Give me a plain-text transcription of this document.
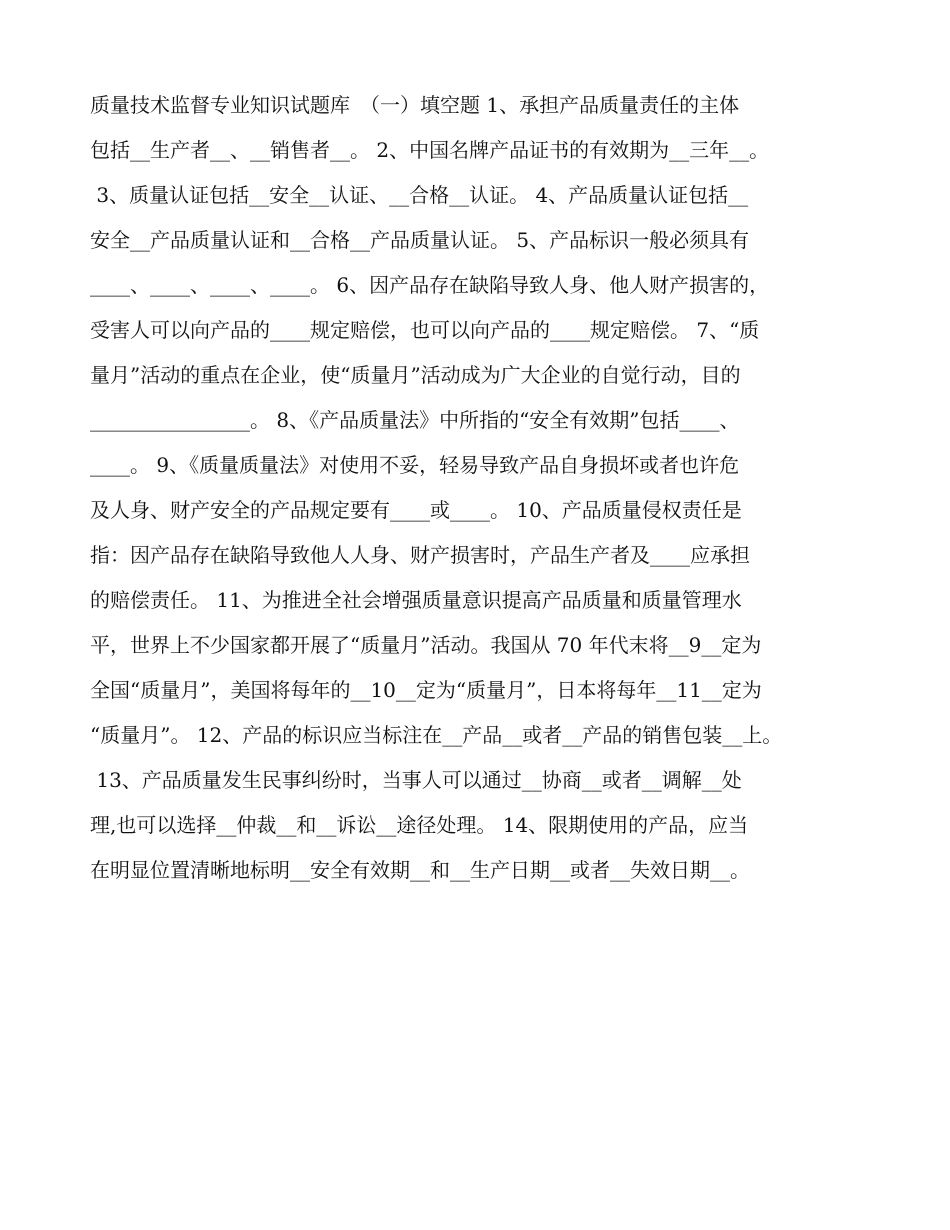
质量技术监督专业知识试题库　（一）填空题 1、承担产品质量责任的主体
包括__生产者__、__销售者__。 2、中国名牌产品证书的有效期为__三年__。
3、质量认证包括__安全__认证、__合格__认证。 4、产品质量认证包括__
安全__产品质量认证和__合格__产品质量认证。 5、产品标识一般必须具有
____、____、____、____。 6、因产品存在缺陷导致人身、他人财产损害的，
受害人可以向产品的____规定赔偿，也可以向产品的____规定赔偿。 7、“质
量月”活动的重点在企业，使“质量月”活动成为广大企业的自觉行动，目的
________________。 8、《产品质量法》中所指的“安全有效期”包括____、
____。 9、《质量质量法》对使用不妥，轻易导致产品自身损坏或者也许危
及人身、财产安全的产品规定要有____或____。 10、产品质量侵权责任是
指：因产品存在缺陷导致他人人身、财产损害时，产品生产者及____应承担
的赔偿责任。 11、为推进全社会增强质量意识提高产品质量和质量管理水
平，世界上不少国家都开展了“质量月”活动。我国从 70 年代末将__9__定为
全国“质量月”，美国将每年的__10__定为“质量月”，日本将每年__11__定为
“质量月”。 12、产品的标识应当标注在__产品__或者__产品的销售包装__上。
13、产品质量发生民事纠纷时，当事人可以通过__协商__或者__调解__处
理,也可以选择__仲裁__和__诉讼__途径处理。 14、限期使用的产品，应当
在明显位置清晰地标明__安全有效期__和__生产日期__或者__失效日期__。
